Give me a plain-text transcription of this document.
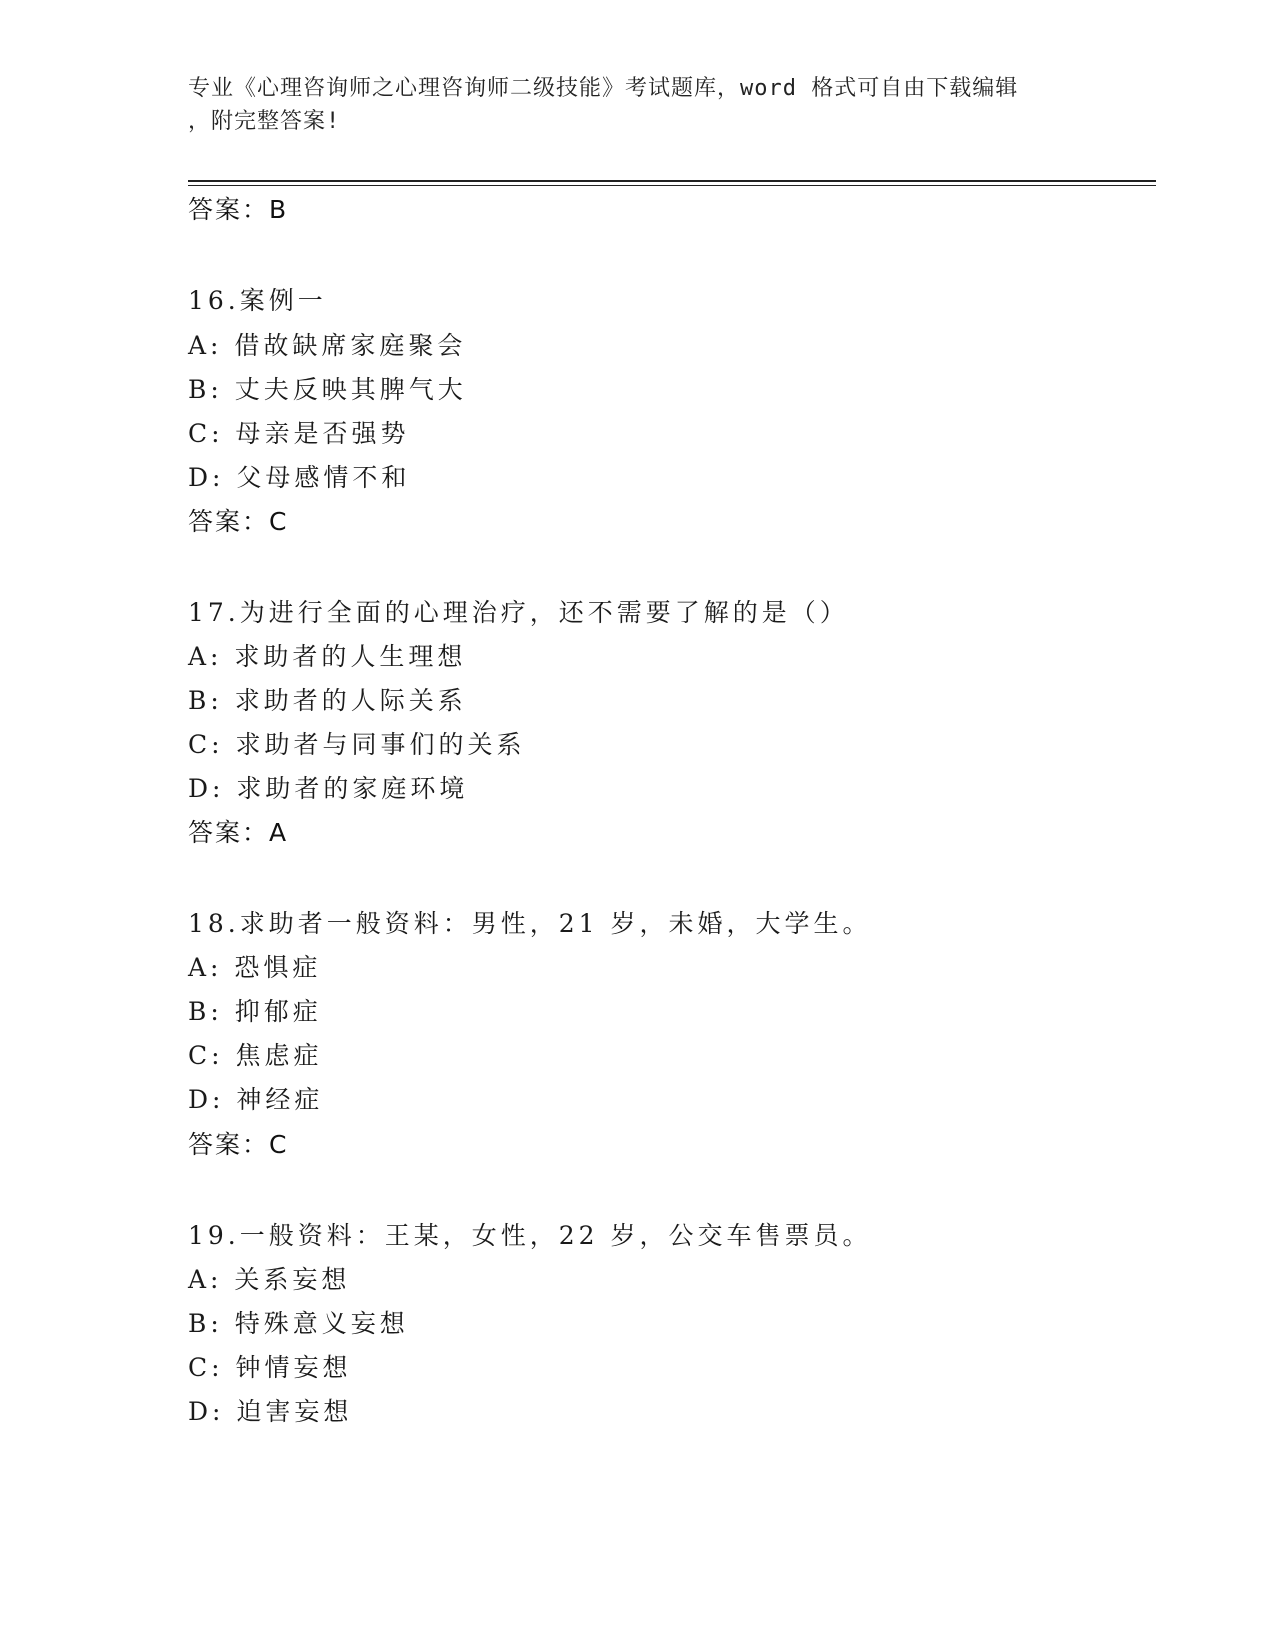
专业《心理咨询师之心理咨询师二级技能》考试题库，word 格式可自由下载编辑
，附完整答案!
答案：B
16.案例一
A: 借故缺席家庭聚会
B: 丈夫反映其脾气大
C: 母亲是否强势
D: 父母感情不和
答案：C
17.为进行全面的心理治疗，还不需要了解的是（）
A: 求助者的人生理想
B: 求助者的人际关系
C: 求助者与同事们的关系
D: 求助者的家庭环境
答案：A
18.求助者一般资料：男性，21 岁，未婚，大学生。
A: 恐惧症
B: 抑郁症
C: 焦虑症
D: 神经症
答案：C
19.一般资料：王某，女性，22 岁，公交车售票员。
A: 关系妄想
B: 特殊意义妄想
C: 钟情妄想
D: 迫害妄想
